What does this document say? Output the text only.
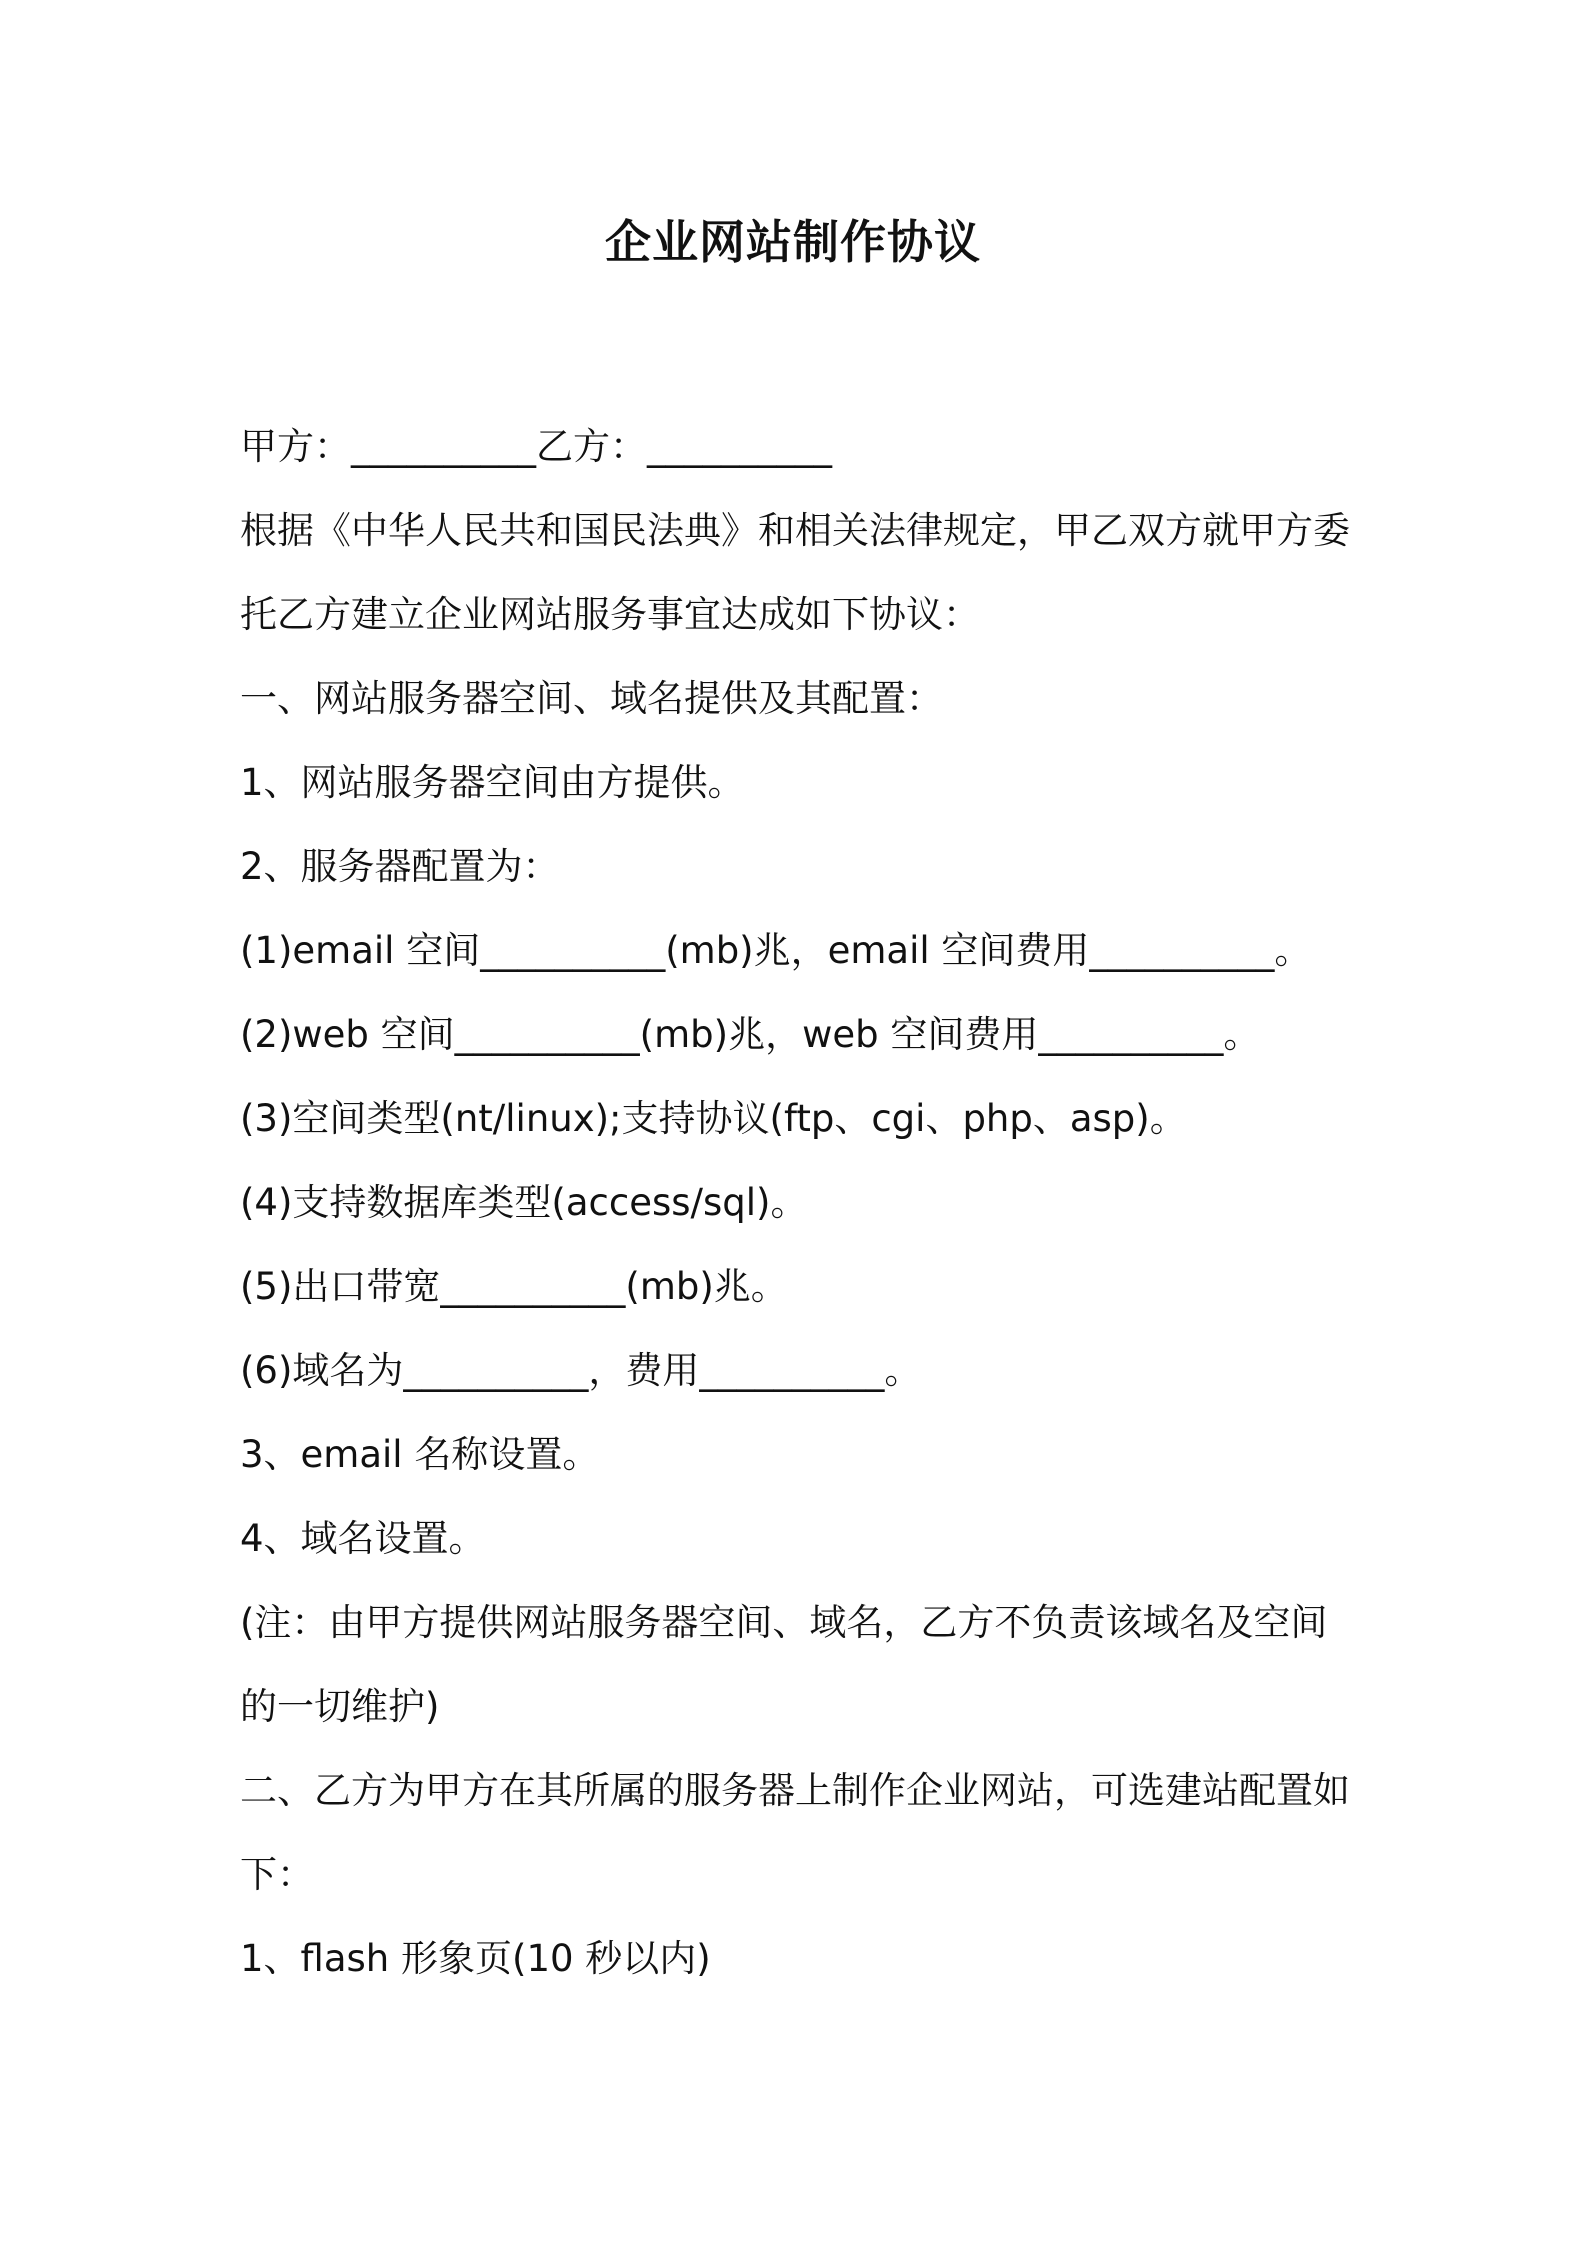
企业网站制作协议
甲方：__________乙方：__________
根据《中华人民共和国民法典》和相关法律规定，甲乙双方就甲方委
托乙方建立企业网站服务事宜达成如下协议：
一、网站服务器空间、域名提供及其配置：
1、网站服务器空间由方提供。
2、服务器配置为：
(1)email 空间__________(mb)兆，email 空间费用__________。
(2)web 空间__________(mb)兆，web 空间费用__________。
(3)空间类型(nt/linux);支持协议(ftp、cgi、php、asp)。
(4)支持数据库类型(access/sql)。
(5)出口带宽__________(mb)兆。
(6)域名为__________，费用__________。
3、email 名称设置。
4、域名设置。
(注：由甲方提供网站服务器空间、域名，乙方不负责该域名及空间
的一切维护)
二、乙方为甲方在其所属的服务器上制作企业网站，可选建站配置如
下：
1、flash 形象页(10 秒以内)
